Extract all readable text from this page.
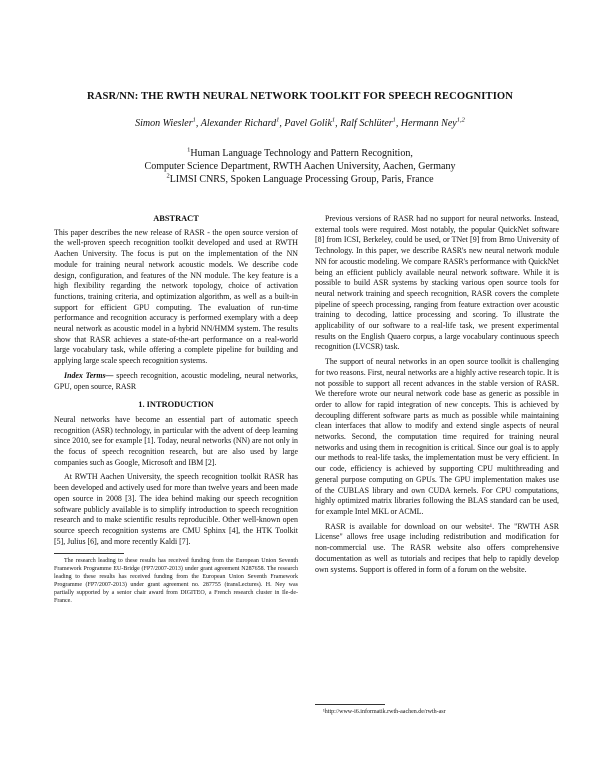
RASR/NN: THE RWTH NEURAL NETWORK TOOLKIT FOR SPEECH RECOGNITION
Simon Wiesler$^1$, Alexander Richard$^1$, Pavel Golik$^1$, Ralf Schlüter$^1$, Hermann Ney$^{1,2}$
$^1$Human Language Technology and Pattern Recognition,
Computer Science Department, RWTH Aachen University, Aachen, Germany
$^2$LIMSI CNRS, Spoken Language Processing Group, Paris, France
ABSTRACT

This paper describes the new release of RASR - the open source version of the well-proven speech recognition toolkit developed and used at RWTH Aachen University. The focus is put on the implementation of the NN module for training neural network acoustic models. We describe code design, configuration, and features of the NN module. The key feature is a high flexibility regarding the network topology, choice of activation functions, training criteria, and optimization algorithm, as well as a built-in support for efficient GPU computing. The evaluation of run-time performance and recognition accuracy is performed exemplary with a deep neural network as acoustic model in a hybrid NN/HMM system. The results show that RASR achieves a state-of-the-art performance on a real-world large vocabulary task, while offering a complete pipeline for building and applying large scale speech recognition systems.

Index Terms— speech recognition, acoustic modeling, neural networks, GPU, open source, RASR

1. INTRODUCTION

Neural networks have become an essential part of automatic speech recognition (ASR) technology, in particular with the advent of deep learning since 2010, see for example [1]. Today, neural networks (NN) are not only in the focus of speech recognition research, but are also used by large companies such as Google, Microsoft and IBM [2].

At RWTH Aachen University, the speech recognition toolkit RASR has been developed and actively used for more than twelve years and been made open source in 2008 [3]. The idea behind making our speech recognition software publicly available is to simplify introduction to speech recognition research and to make scientific results reproducible. Other well-known open source speech recognition systems are CMU Sphinx [4], the HTK Toolkit [5], Julius [6], and more recently Kaldi [7].

The research leading to these results has received funding from the European Union Seventh Framework Programme EU-Bridge (FP7/2007-2013) under grant agreement N287658. The research leading to these results has received funding from the European Union Seventh Framework Programme (FP7/2007-2013) under grant agreement no. 287755 (transLectures). H. Ney was partially supported by a senior chair award from DIGITEO, a French research cluster in Ile-de-France.

Previous versions of RASR had no support for neural networks. Instead, external tools were required. Most notably, the popular QuickNet software [8] from ICSI, Berkeley, could be used, or TNet [9] from Brno University of Technology. In this paper, we describe RASR's new neural network module NN for acoustic modeling. We compare RASR's performance with QuickNet being an efficient publicly available neural network software. While it is possible to build ASR systems by stacking various open source tools for neural network training and speech recognition, RASR covers the complete pipeline of speech processing, ranging from feature extraction over acoustic training to decoding, lattice processing and scoring. To illustrate the applicability of our software to a real-life task, we present experimental results on the English Quaero corpus, a large vocabulary continuous speech recognition (LVCSR) task.

The support of neural networks in an open source toolkit is challenging for two reasons. First, neural networks are a highly active research topic. It is not possible to support all recent advances in the stable version of RASR. We therefore wrote our neural network code base as generic as possible in order to allow for rapid integration of new concepts. This is achieved by decoupling different software parts as much as possible while maintaining clean interfaces that allow to modify and extend single aspects of neural networks. Second, the computation time required for training neural networks and using them in recognition is critical. Since our goal is to apply our methods to real-life tasks, the implementation must be very efficient. In our code, efficiency is achieved by supporting CPU multithreading and general purpose computing on GPUs. The GPU implementation makes use of the CUBLAS library and own CUDA kernels. For CPU computations, highly optimized matrix libraries following the BLAS standard can be used, for example Intel MKL or ACML.

RASR is available for download on our website¹. The "RWTH ASR License" allows free usage including redistribution and modification for non-commercial use. The RASR website also offers comprehensive documentation as well as tutorials and recipes that help to rapidly develop own systems. Support is offered in form of a forum on the website.

¹http://www-i6.informatik.rwth-aachen.de/rwth-asr
